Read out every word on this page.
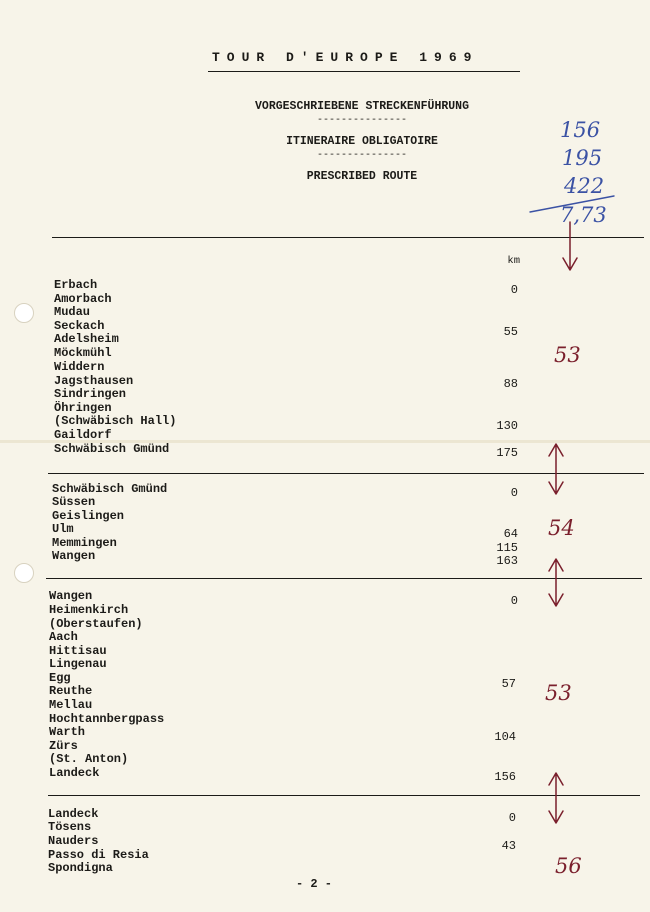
TOUR D'EUROPE 1969
VORGESCHRIEBENE STRECKENFÜHRUNG
---------------
ITINERAIRE OBLIGATOIRE
---------------
PRESCRIBED ROUTE
156
195
422
7,73
km
Erbach
Amorbach
Mudau
Seckach
Adelsheim
Möckmühl
Widdern
Jagsthausen
Sindringen
Öhringen
(Schwäbisch Hall)
Gaildorf
Schwäbisch Gmünd
0
55
88
130
175
53
Schwäbisch Gmünd
Süssen
Geislingen
Ulm
Memmingen
Wangen
0
64
115
163
54
Wangen
Heimenkirch
(Oberstaufen)
Aach
Hittisau
Lingenau
Egg
Reuthe
Mellau
Hochtannbergpass
Warth
Zürs
(St. Anton)
Landeck
0
57
104
156
53
Landeck
Tösens
Nauders
Passo di Resia
Spondigna
0
43
56
- 2 -
